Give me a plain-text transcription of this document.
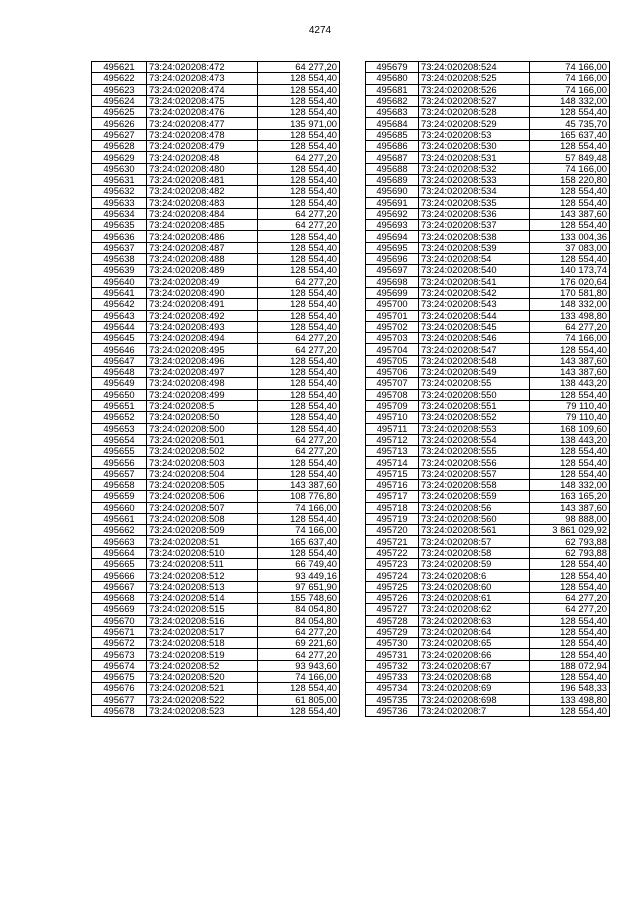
4274
495621	73:24:020208:472	64 277,20
495622	73:24:020208:473	128 554,40
495623	73:24:020208:474	128 554,40
495624	73:24:020208:475	128 554,40
495625	73:24:020208:476	128 554,40
495626	73:24:020208:477	135 971,00
495627	73:24:020208:478	128 554,40
495628	73:24:020208:479	128 554,40
495629	73:24:020208:48	64 277,20
495630	73:24:020208:480	128 554,40
495631	73:24:020208:481	128 554,40
495632	73:24:020208:482	128 554,40
495633	73:24:020208:483	128 554,40
495634	73:24:020208:484	64 277,20
495635	73:24:020208:485	64 277,20
495636	73:24:020208:486	128 554,40
495637	73:24:020208:487	128 554,40
495638	73:24:020208:488	128 554,40
495639	73:24:020208:489	128 554,40
495640	73:24:020208:49	64 277,20
495641	73:24:020208:490	128 554,40
495642	73:24:020208:491	128 554,40
495643	73:24:020208:492	128 554,40
495644	73:24:020208:493	128 554,40
495645	73:24:020208:494	64 277,20
495646	73:24:020208:495	64 277,20
495647	73:24:020208:496	128 554,40
495648	73:24:020208:497	128 554,40
495649	73:24:020208:498	128 554,40
495650	73:24:020208:499	128 554,40
495651	73:24:020208:5	128 554,40
495652	73:24:020208:50	128 554,40
495653	73:24:020208:500	128 554,40
495654	73:24:020208:501	64 277,20
495655	73:24:020208:502	64 277,20
495656	73:24:020208:503	128 554,40
495657	73:24:020208:504	128 554,40
495658	73:24:020208:505	143 387,60
495659	73:24:020208:506	108 776,80
495660	73:24:020208:507	74 166,00
495661	73:24:020208:508	128 554,40
495662	73:24:020208:509	74 166,00
495663	73:24:020208:51	165 637,40
495664	73:24:020208:510	128 554,40
495665	73:24:020208:511	66 749,40
495666	73:24:020208:512	93 449,16
495667	73:24:020208:513	97 651,90
495668	73:24:020208:514	155 748,60
495669	73:24:020208:515	84 054,80
495670	73:24:020208:516	84 054,80
495671	73:24:020208:517	64 277,20
495672	73:24:020208:518	69 221,60
495673	73:24:020208:519	64 277,20
495674	73:24:020208:52	93 943,60
495675	73:24:020208:520	74 166,00
495676	73:24:020208:521	128 554,40
495677	73:24:020208:522	61 805,00
495678	73:24:020208:523	128 554,40
495679	73:24:020208:524	74 166,00
495680	73:24:020208:525	74 166,00
495681	73:24:020208:526	74 166,00
495682	73:24:020208:527	148 332,00
495683	73:24:020208:528	128 554,40
495684	73:24:020208:529	45 735,70
495685	73:24:020208:53	165 637,40
495686	73:24:020208:530	128 554,40
495687	73:24:020208:531	57 849,48
495688	73:24:020208:532	74 166,00
495689	73:24:020208:533	158 220,80
495690	73:24:020208:534	128 554,40
495691	73:24:020208:535	128 554,40
495692	73:24:020208:536	143 387,60
495693	73:24:020208:537	128 554,40
495694	73:24:020208:538	133 004,36
495695	73:24:020208:539	37 083,00
495696	73:24:020208:54	128 554,40
495697	73:24:020208:540	140 173,74
495698	73:24:020208:541	176 020,64
495699	73:24:020208:542	170 581,80
495700	73:24:020208:543	148 332,00
495701	73:24:020208:544	133 498,80
495702	73:24:020208:545	64 277,20
495703	73:24:020208:546	74 166,00
495704	73:24:020208:547	128 554,40
495705	73:24:020208:548	143 387,60
495706	73:24:020208:549	143 387,60
495707	73:24:020208:55	138 443,20
495708	73:24:020208:550	128 554,40
495709	73:24:020208:551	79 110,40
495710	73:24:020208:552	79 110,40
495711	73:24:020208:553	168 109,60
495712	73:24:020208:554	138 443,20
495713	73:24:020208:555	128 554,40
495714	73:24:020208:556	128 554,40
495715	73:24:020208:557	128 554,40
495716	73:24:020208:558	148 332,00
495717	73:24:020208:559	163 165,20
495718	73:24:020208:56	143 387,60
495719	73:24:020208:560	98 888,00
495720	73:24:020208:561	3 861 029,92
495721	73:24:020208:57	62 793,88
495722	73:24:020208:58	62 793,88
495723	73:24:020208:59	128 554,40
495724	73:24:020208:6	128 554,40
495725	73:24:020208:60	128 554,40
495726	73:24:020208:61	64 277,20
495727	73:24:020208:62	64 277,20
495728	73:24:020208:63	128 554,40
495729	73:24:020208:64	128 554,40
495730	73:24:020208:65	128 554,40
495731	73:24:020208:66	128 554,40
495732	73:24:020208:67	188 072,94
495733	73:24:020208:68	128 554,40
495734	73:24:020208:69	196 548,33
495735	73:24:020208:698	133 498,80
495736	73:24:020208:7	128 554,40
